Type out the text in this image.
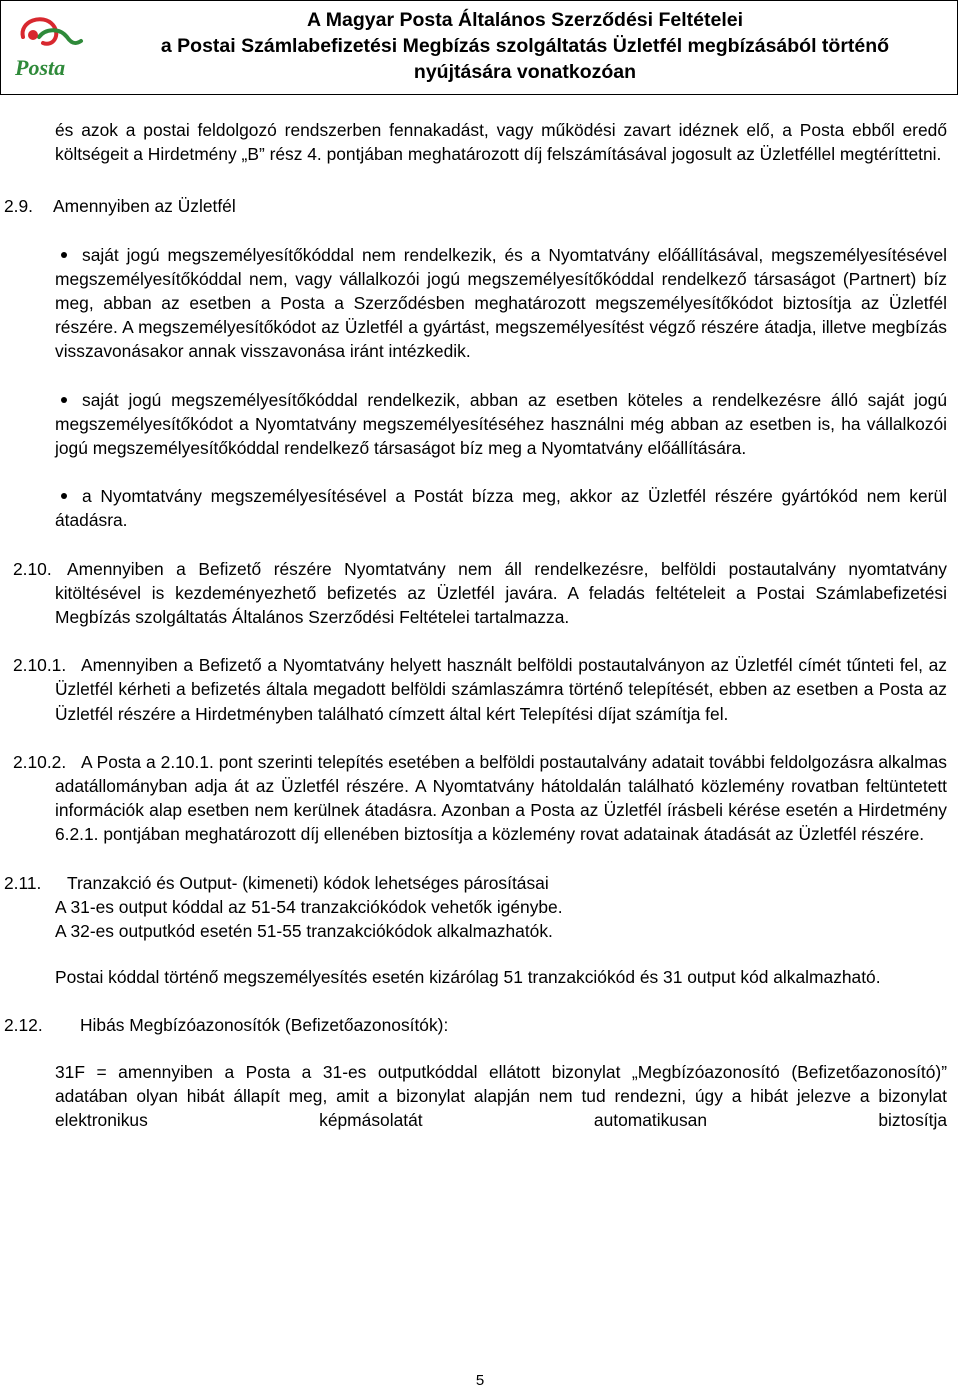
Posta
A Magyar Posta Általános Szerződési Feltételei
a Postai Számlabefizetési Megbízás szolgáltatás Üzletfél megbízásából történő
nyújtására vonatkozóan

és azok a postai feldolgozó rendszerben fennakadást, vagy működési zavart idéznek elő, a Posta ebből eredő költségeit a Hirdetmény „B” rész 4. pontjában meghatározott díj felszámításával jogosult az Üzletféllel megtéríttetni.

2.9. Amennyiben az Üzletfél

saját jogú megszemélyesítőkóddal nem rendelkezik, és a Nyomtatvány előállításával, megszemélyesítésével megszemélyesítőkóddal nem, vagy vállalkozói jogú megszemélyesítőkóddal rendelkező társaságot (Partnert) bíz meg, abban az esetben a Posta a Szerződésben meghatározott megszemélyesítőkódot biztosítja az Üzletfél részére. A megszemélyesítőkódot az Üzletfél a gyártást, megszemélyesítést végző részére átadja, illetve megbízás visszavonásakor annak visszavonása iránt intézkedik.
saját jogú megszemélyesítőkóddal rendelkezik, abban az esetben köteles a rendelkezésre álló saját jogú megszemélyesítőkódot a Nyomtatvány megszemélyesítéséhez használni még abban az esetben is, ha vállalkozói jogú megszemélyesítőkóddal rendelkező társaságot bíz meg a Nyomtatvány előállítására.
a Nyomtatvány megszemélyesítésével a Postát bízza meg, akkor az Üzletfél részére gyártókód nem kerül átadásra.
2.10. Amennyiben a Befizető részére Nyomtatvány nem áll rendelkezésre, belföldi postautalvány nyomtatvány kitöltésével is kezdeményezhető befizetés az Üzletfél javára. A feladás feltételeit a Postai Számlabefizetési Megbízás szolgáltatás Általános Szerződési Feltételei tartalmazza.

2.10.1. Amennyiben a Befizető a Nyomtatvány helyett használt belföldi postautalványon az Üzletfél címét tűnteti fel, az Üzletfél kérheti a befizetés általa megadott belföldi számlaszámra történő telepítését, ebben az esetben a Posta az Üzletfél részére a Hirdetményben található címzett által kért Telepítési díjat számítja fel.

2.10.2. A Posta a 2.10.1. pont szerinti telepítés esetében a belföldi postautalvány adatait további feldolgozásra alkalmas adatállományban adja át az Üzletfél részére. A Nyomtatvány hátoldalán található közlemény rovatban feltüntetett információk alap esetben nem kerülnek átadásra. Azonban a Posta az Üzletfél írásbeli kérése esetén a Hirdetmény 6.2.1. pontjában meghatározott díj ellenében biztosítja a közlemény rovat adatainak átadását az Üzletfél részére.

2.11. Tranzakció és Output- (kimeneti) kódok lehetséges párosításai

A 31-es output kóddal az 51-54 tranzakciókódok vehetők igénybe.

A 32-es outputkód esetén 51-55 tranzakciókódok alkalmazhatók.

Postai kóddal történő megszemélyesítés esetén kizárólag 51 tranzakciókód és 31 output kód alkalmazható.

2.12. Hibás Megbízóazonosítók (Befizetőazonosítók):

31F = amennyiben a Posta a 31-es outputkóddal ellátott bizonylat „Megbízóazonosító (Befizetőazonosító)” adatában olyan hibát állapít meg, amit a bizonylat alapján nem tud rendezni, úgy a hibát jelezve a bizonylat elektronikus képmásolatát automatikusan biztosítja

5
